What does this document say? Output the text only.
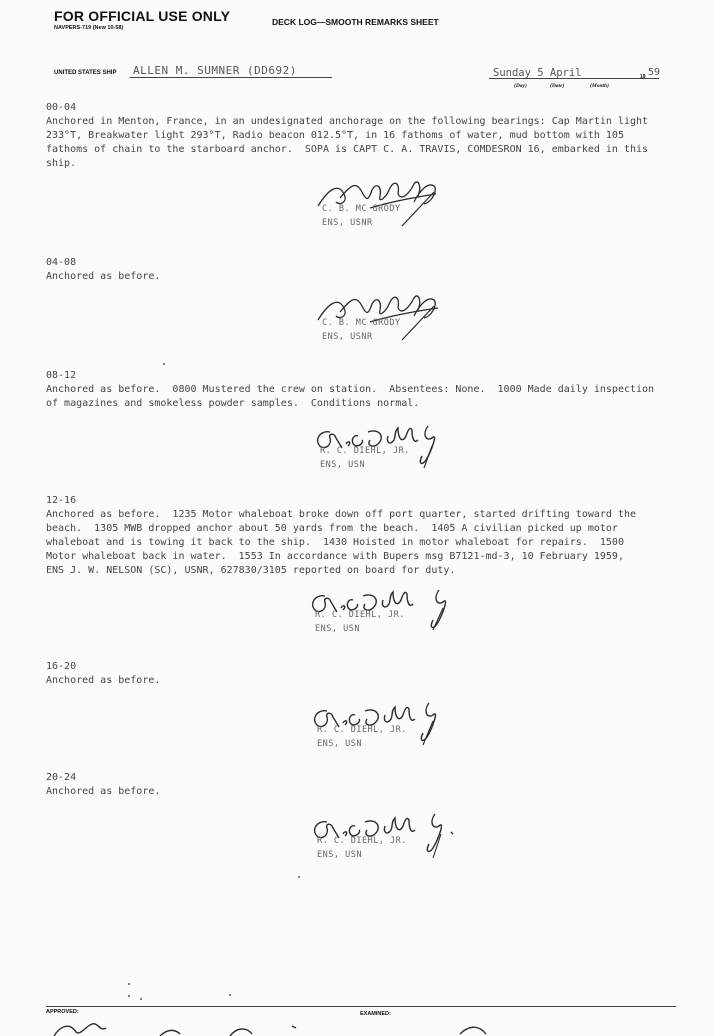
FOR OFFICIAL USE ONLY
NAVPERS-719 (New 10-58)
DECK LOG—SMOOTH REMARKS SHEET
UNITED STATES SHIP ALLEN M. SUMNER (DD692)	Sunday 5 April	19 59
(Day)	(Date)	(Month)
00-04

Anchored in Menton, France, in an undesignated anchorage on the following bearings: Cap Martin light
233°T, Breakwater light 293°T, Radio beacon 012.5°T, in 16 fathoms of water, mud bottom with 105
fathoms of chain to the starboard anchor.  SOPA is CAPT C. A. TRAVIS, COMDESRON 16, embarked in this
ship.

C. B. MC GRODY
ENS, USNR
04-08

Anchored as before.

C. B. MC GRODY
ENS, USNR
08-12

Anchored as before.  0800 Mustered the crew on station.  Absentees: None.  1000 Made daily inspection
of magazines and smokeless powder samples.  Conditions normal.

R. C. DIEHL, JR.
ENS, USN
12-16

Anchored as before.  1235 Motor whaleboat broke down off port quarter, started drifting toward the
beach.  1305 MWB dropped anchor about 50 yards from the beach.  1405 A civilian picked up motor
whaleboat and is towing it back to the ship.  1430 Hoisted in motor whaleboat for repairs.  1500
Motor whaleboat back in water.  1553 In accordance with Bupers msg B7121-md-3, 10 February 1959,
ENS J. W. NELSON (SC), USNR, 627830/3105 reported on board for duty.

R. C. DIEHL, JR.
ENS, USN
16-20

Anchored as before.

R. C. DIEHL, JR.
ENS, USN
20-24

Anchored as before.

R. C. DIEHL, JR.
ENS, USN
APPROVED:	EXAMINED:
